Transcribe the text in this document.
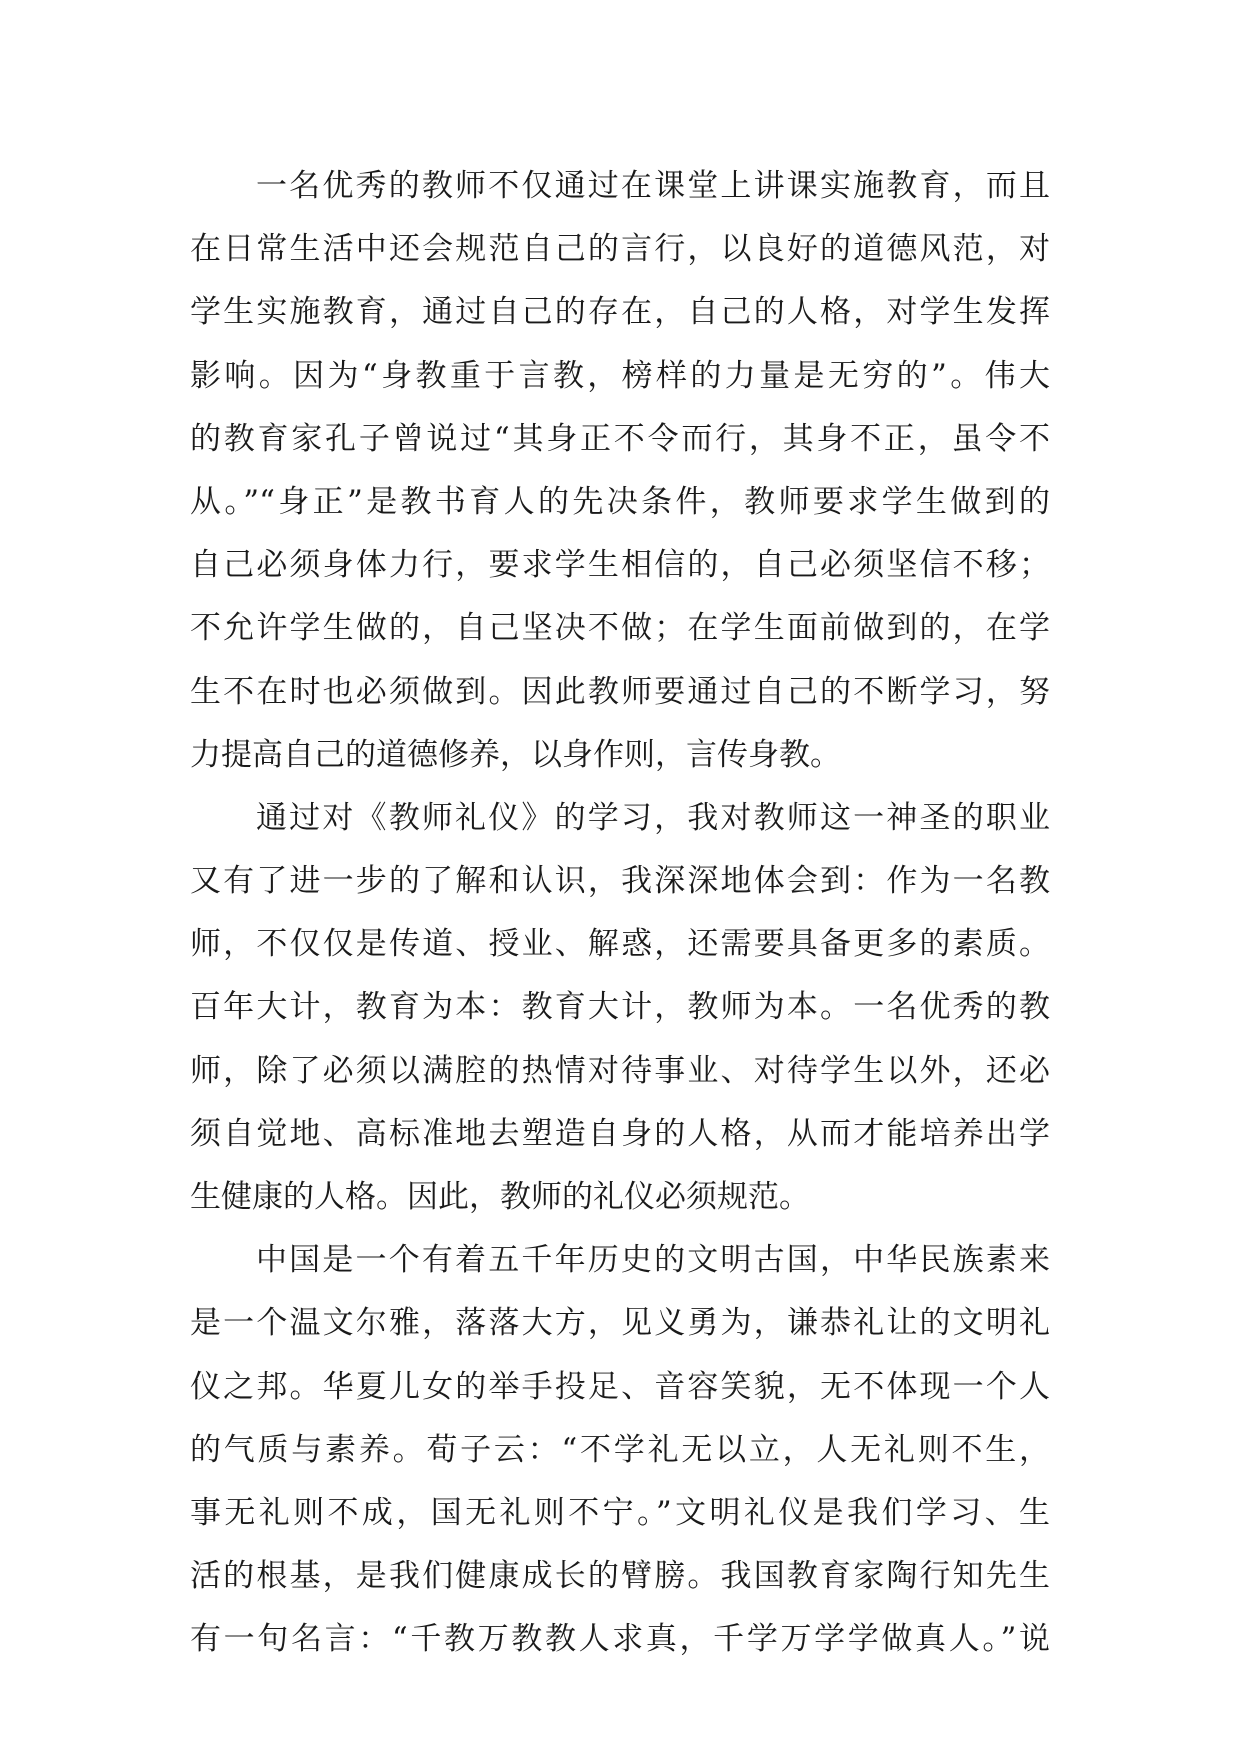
一名优秀的教师不仅通过在课堂上讲课实施教育，而且
在日常生活中还会规范自己的言行，以良好的道德风范，对
学生实施教育，通过自己的存在，自己的人格，对学生发挥
影响。因为“身教重于言教，榜样的力量是无穷的”。伟大
的教育家孔子曾说过“其身正不令而行，其身不正，虽令不
从。”“身正”是教书育人的先决条件，教师要求学生做到的
自己必须身体力行，要求学生相信的，自己必须坚信不移；
不允许学生做的，自己坚决不做；在学生面前做到的，在学
生不在时也必须做到。因此教师要通过自己的不断学习，努
力提高自己的道德修养，以身作则，言传身教。
通过对《教师礼仪》的学习，我对教师这一神圣的职业
又有了进一步的了解和认识，我深深地体会到：作为一名教
师，不仅仅是传道、授业、解惑，还需要具备更多的素质。
百年大计，教育为本：教育大计，教师为本。一名优秀的教
师，除了必须以满腔的热情对待事业、对待学生以外，还必
须自觉地、高标准地去塑造自身的人格，从而才能培养出学
生健康的人格。因此，教师的礼仪必须规范。
中国是一个有着五千年历史的文明古国，中华民族素来
是一个温文尔雅，落落大方，见义勇为，谦恭礼让的文明礼
仪之邦。华夏儿女的举手投足、音容笑貌，无不体现一个人
的气质与素养。荀子云：“不学礼无以立，人无礼则不生，
事无礼则不成，国无礼则不宁。”文明礼仪是我们学习、生
活的根基，是我们健康成长的臂膀。我国教育家陶行知先生
有一句名言：“千教万教教人求真，千学万学学做真人。”说
